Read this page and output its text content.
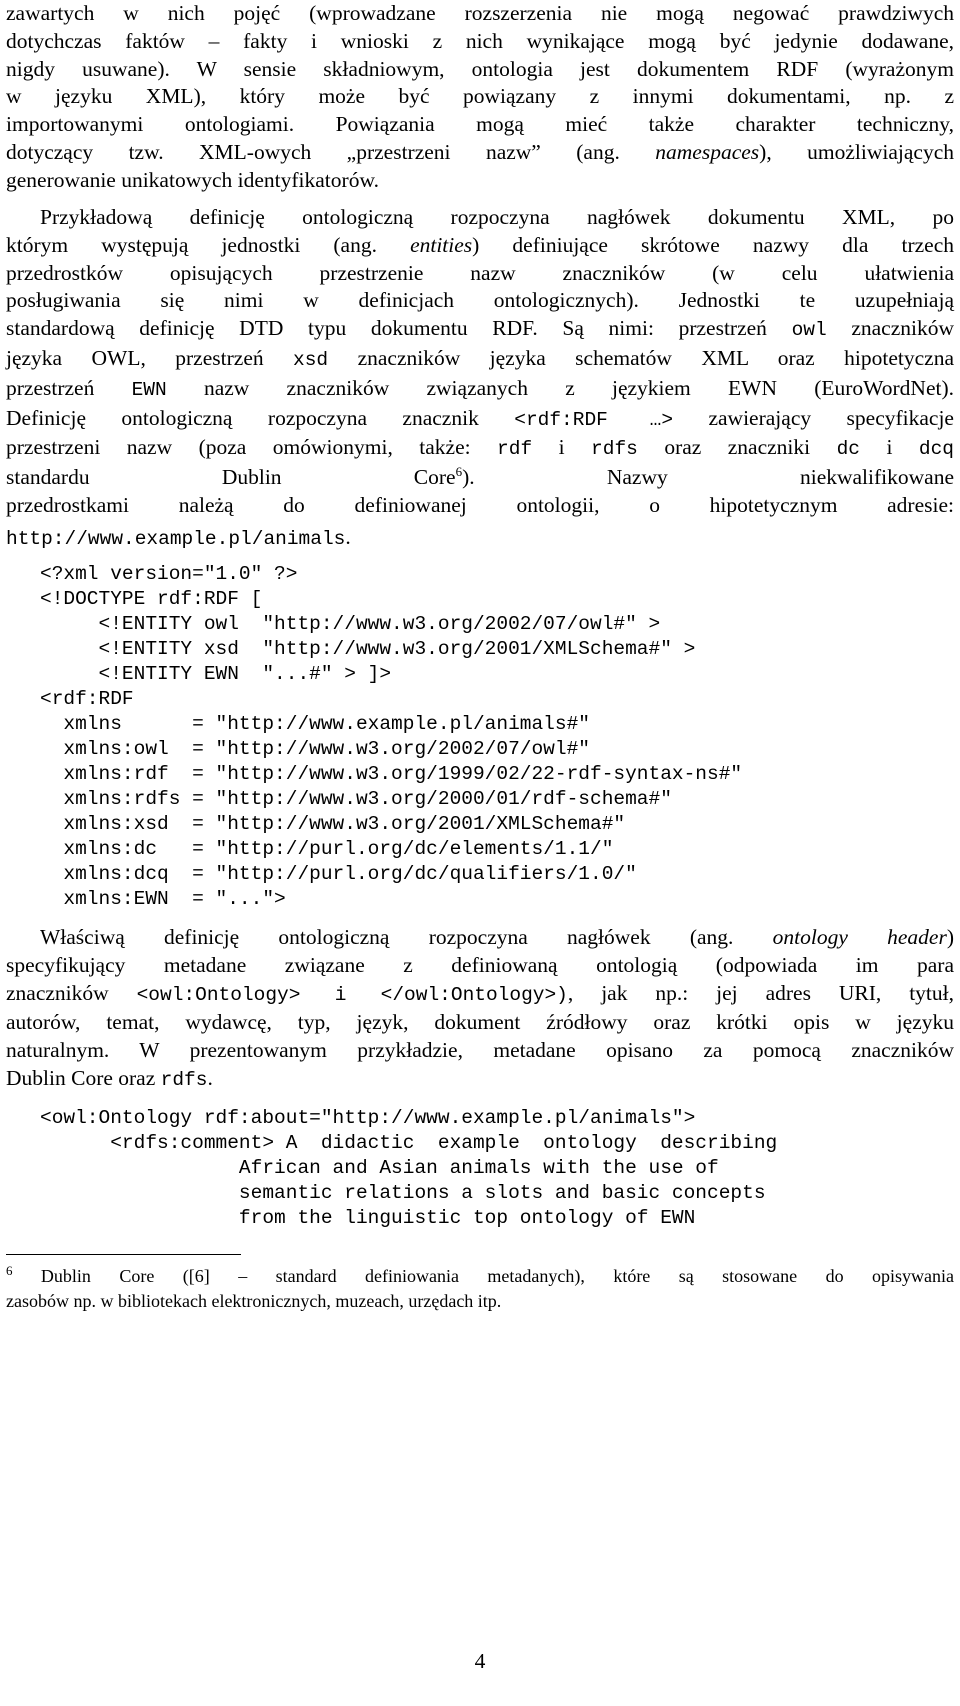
zawartych w nich pojęć (wprowadzane rozszerzenia nie mogą negować prawdziwych
dotychczas faktów ‒ fakty i wnioski z nich wynikające mogą być jedynie dodawane,
nigdy usuwane). W sensie składniowym, ontologia jest dokumentem RDF (wyrażonym
w języku XML), który może być powiązany z innymi dokumentami, np. z
importowanymi ontologiami. Powiązania mogą mieć także charakter techniczny,
dotyczący tzw. XML-owych „przestrzeni nazw” (ang. namespaces), umożliwiających
generowanie unikatowych identyfikatorów.
Przykładową definicję ontologiczną rozpoczyna nagłówek dokumentu XML, po
którym występują jednostki (ang. entities) definiujące skrótowe nazwy dla trzech
przedrostków opisujących przestrzenie nazw znaczników (w celu ułatwienia
posługiwania się nimi w definicjach ontologicznych). Jednostki te uzupełniają
standardową definicję DTD typu dokumentu RDF. Są nimi: przestrzeń owl znaczników
języka OWL, przestrzeń xsd znaczników języka schematów XML oraz hipotetyczna
przestrzeń EWN nazw znaczników związanych z językiem EWN (EuroWordNet).
Definicję ontologiczną rozpoczyna znacznik <rdf:RDF …> zawierający specyfikacje
przestrzeni nazw (poza omówionymi, także: rdf i rdfs oraz znaczniki dc i dcq
standardu Dublin Core$^6$). Nazwy niekwalifikowane
przedrostkami należą do definiowanej ontologii, o hipotetycznym adresie:
http://www.example.pl/animals.
<?xml version="1.0" ?>
<!DOCTYPE rdf:RDF [
<!ENTITY owl  "http://www.w3.org/2002/07/owl#" >
<!ENTITY xsd  "http://www.w3.org/2001/XMLSchema#" >
<!ENTITY EWN  "...#" > ]>
<rdf:RDF
xmlns      = "http://www.example.pl/animals#"
xmlns:owl  = "http://www.w3.org/2002/07/owl#"
xmlns:rdf  = "http://www.w3.org/1999/02/22-rdf-syntax-ns#"
xmlns:rdfs = "http://www.w3.org/2000/01/rdf-schema#"
xmlns:xsd  = "http://www.w3.org/2001/XMLSchema#"
xmlns:dc   = "http://purl.org/dc/elements/1.1/"
xmlns:dcq  = "http://purl.org/dc/qualifiers/1.0/"
xmlns:EWN  = "...">
Właściwą definicję ontologiczną rozpoczyna nagłówek (ang. ontology header)
specyfikujący metadane związane z definiowaną ontologią (odpowiada im para
znaczników <owl:Ontology> i </owl:Ontology>), jak np.: jej adres URI, tytuł,
autorów, temat, wydawcę, typ, język, dokument źródłowy oraz krótki opis w języku
naturalnym. W prezentowanym przykładzie, metadane opisano za pomocą znaczników
Dublin Core oraz rdfs.
<owl:Ontology rdf:about="http://www.example.pl/animals">
<rdfs:comment> A  didactic  example  ontology  describing
African and Asian animals with the use of
semantic relations a slots and basic concepts
from the linguistic top ontology of EWN
$^6$ Dublin Core ([6] ‒ standard definiowania metadanych), które są stosowane do opisywania
zasobów np. w bibliotekach elektronicznych, muzeach, urzędach itp.
4
